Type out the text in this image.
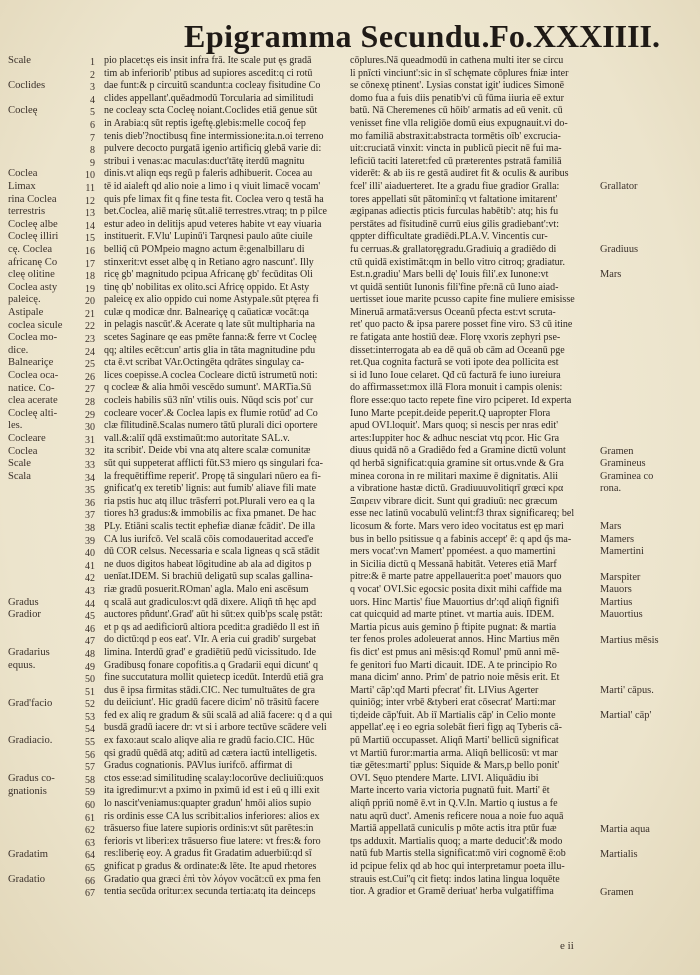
Epigramma Secundu. Fo.XXXIIII.
Scale
Coclides
Cocleę
Coclea
Limax
rina Coclea
terrestris
Cocleę albe
Cocleę illiri
cę. Coclea
africanę Co
cleę olitine
Coclea asty
paleicę.
Astipale
coclea sicule
Coclea mo-
dice.
Balneariçe
Coclea oca-
natice. Co-
clea acerate
Cocleę alti-
les.
Cocleare
Coclea
Scale
Scala
Gradus
Gradior
Gradarius
equus.
Grad'facio
Gradiacio.
Gradus co-
gnationis
Gradatim
Gradatio
1
2
3
4
5
6
7
8
9
10
11
12
13
14
15
16
17
18
19
20
21
22
23
24
25
26
27
28
29
30
31
32
33
34
35
36
37
38
39
40
41
42
43
44
45
46
47
48
49
50
51
52
53
54
55
56
57
58
59
60
61
62
63
64
65
66
67
pio placet:ęs eis insit infra frā. Ite scale put ęs gradā
tim ab inferiorib' ptibus ad supiores ascedit:q ci rotū
dae funt:& p circuitū scandunt:a cocleay fisitudine Co
clides appellant'.quēadmodū Torcularia ad similitudi
ne cocleay scta Cocleę noiant.Coclides etiā genue sūt
in Arabia:q sūt reptis igeftę.glebis:melle cocoq̃ fep
tenis dieb'?noctibusq fine intermissione:ita.n.oi terreno
pulvere decocto purgatā igenio artificiq glebā varie di:
stribui i venas:ac maculas:duct'tātę iterdū magnitu
dinis.vt aliqn eqs regū p faleris adhibuerit. Cocea au
tē id aialeft qd alio noie a limo i q viuit limacē vocam'
quis pfe limax fit q fine testa fit. Coclea vero q testā ha
bet.Coclea, aliē marię sūt.aliē terrestres.vtraq; tn p pilce
estur adeo in delitijs apud veteres habite vt eay viuaria
instituerit. F.Vlu' Lupinū'i Tarqnesi paulo aūte ciuile
belliq̃ cū POMpeio magno actum ē:genalbillaru di
stinxerit:vt esset albę q in Retiano agro nascunt'. Illy
ricę gb' magnitudo pcipua Africanę gb' fecūditas Oli
tinę qb' nobilitas ex olito.sci Africę oppido. Et Asty
paleicę ex alio oppido cui nome Astypale.sūt ptęrea fi
culæ q modicæ dnr. Balneariçę q caūaticæ vocāt:qa
in pelagis nascūt'.& Acerate q late sūt multipharia na
scetes Saginare qe eas pmēte fanna:& ferre vt Cocleę
qq; altiles ecēt:cun' artis glia in tāta magnitudine pdu
cta ē.vt scribat VAr.Octingēta qdrātes singulaỵ ca-
lices coepisse.A coclea Cocleare dictū istrumetū noti:
q cocleæ & alia hmōi vescēdo sumunt'. MARTia.Sū
cocleis habilis sū3 nīn' vtilis ouis. Nūqd scis pot' cur
cocleare vocer'.& Coclea lapis ex flumie rotūd' ad Co
clæ fīlitudinē.Scalas numero tātū plurali dici oportere
vall.&:aliī qdā exstimaūt:mo autoritate SAL.v.
ita scribit'. Deide vbi vna atq altere scalæ comunitæ
sūt qui suppeterat afflicti fūt.S3 miero qs singulari fca-
la frequētiffime reperit'. Propę tā singulari nūero ea fi-
gnificat'q ex teretib' lignis: aut fumib' aliave fili mate
ria pstis huc atq illuc trāsferri pot.Plurali vero ea q la
tiores h3 gradus:& immobilis ac fixa pmanet. De hac
PLy. Etiāni scalis tectit ephefiæ dianæ fcādit'. De illa
CA lus iurifcō. Vel scalā cōis comodaueritad acced'e
dū COR celsus. Necessaria e scala ligneas q scā stādit
ne duos digitos habeat lōgitudine ab ala ad digitos p
uenīat.IDEM. Si brachiū deligatū sup scalas gallina-
riæ gradū posuerit.ROman' agla. Malo eni ascēsum
q scalā aut gradiculos:vt qdā dixere. Aliqñ tñ hęc apd
auctores pñdunt'.Grad' aūt hi sūt:ex quib'ps scalę pstāt:
et p qs ad aedificiorū altiora pcedit:a gradiēdo ll est iñ
do dictū:qd p eos eat'. VIr. A eria cui gradib' surgebat
limina. Interdū grad' e gradiētiū pedū vicissitudo. Ide
Gradibusq fonare copofitis.a q Gradarii equi dicunt' q
fine succutatura mollit quietecp icedūt. Interdū etiā gra
dus ē ipsa firmitas stādi.CIC. Nec tumultuātes de gra
du deiiciunt'. Hic gradū facere dicim' nō trāsitū facere
fed ex aliq re gradum & sūi scalā ad aliā facere: q d a qui
busdā gradū iacere dr: vt si i arbore tectūve scādere veli
ex faxo:aut scalo aliqve alia re gradū facio.CIC. Hūc
qsi gradū quēdā atq; aditū ad cætera iactū intelligetis.
Gradus cognationis. PAVlus iurifcō. affirmat di
ctos esse:ad similitudinę scalay:locorūve decliuiū:quos
ita igredimur:vt a pximo in pximū id est i eū q illi exit
lo nascit'veniamus:quapter gradun' hmōi alios supio
ris ordinis esse CA lus scribit:alios inferiores: alios ex
trāsuerso fiue latere supioris ordinis:vt sūt parētes:in
ferioris vt liberi:ex trāsuerso fiue latere: vt fres:& foro
res:liberię eoy. A gradus fit Gradatim aduerbiū:qd sī
gnificat p gradus & ordinate:& lēte. Ite apud rhetores
Gradatio qua græci ἐπὶ τὸν λόγον vocāt:cū ex pma fen
tentia secūda oritur:ex secunda tertia:atq ita deinceps
cōplures.Nā queadmodū in cathena multi iter se circu
li pnīcti vinciunt':sic in sī schęmate cōplures fniæ inter
se cōnexę ptinent'. Lysias constat igit' iudices Simonē
domo fua a fuis diis penatib'vi cū fūma iiuria eē extur
batū. Nā Cheremenes cū hōib' armatis ad eū venit. cū
venisset fine vlla religiōe domū eius expugnauit.vi do-
mo familiā abstraxit:abstracta tormētis oīb' excrucia-
uit:cruciatā vinxit: vincta in publicū piecit nē fui ma-
leficiū taciti lateret:fed cū præterentes pstratā familiā
viderēt: & ab iis re gestā audiret fit & oculis & auribus
fcel' illi' aiaduerteret. Ite a gradu fiue gradior Gralla:
tores appellati sūt pātominī:q vt faltatione imitarent'
ægipanas adiectis pticis furculas habētib': atq; his fu
perstātes ad fīsitudinē currū eius gilis gradiebant':vt:
qppter difficultate gradiēdi.PLA.V. Vincentis cur-
fu cerruas.& grallatoręgradu.Gradiuiq a gradiēdo di
ctū quidā existimāt:qm in bello vitro citroq; gradiatur.
Est.n.gradiu' Mars belli dę' Iouis fili'.ex Iunone:vt
vt quidā sentiūt Iunonis fili'fine pr̄e:nā cū Iuno aiad-
uertisset ioue marite pcusso capite fine muliere emisisse
Mineruā armatā:versus Oceanū pfecta est:vt scruta-
ret' quo pacto & ipsa parere posset fine viro. S3 cū itine
re fatigata ante hostiū deæ. Florę vxoris zephyri pse-
disset:interrogata ab ea dē quā ob cām ad Oceanū pge
ret.Qua cognita factură se voti ipote dea pollicita est
si id Iuno Ioue celaret. Qđ cū facturā fe iuno iureiura
do affirmasset:mox illā Flora monuit i campis olenis:
flore esse:quo tacto repete fine viro pciperet. Id experta
Iuno Marte pcepit.deide peperit.Q uapropter Flora
apud OVI.loquit'. Mars quoq; si nescis per nras edit'
artes:Iuppiter hoc & adhuc nesciat vtq pcor. Hic Gra
diuus quidā nō a Gradiēdo fed a Gramine dictū volunt
qd herbā significat:quia gramine sit ortus.vnde & Gra
minea corona in re militari maxime ē dignitatis. Alii
a vibratione hastæ dictū. Gradiuuuvolitiqrī grœci κρα
Ξαιρειν vibrare dicit. Sunt qui gradiuū: nec græcum
esse nec latinū vocabulū velint:f3 thrax significareq; bel
licosum & forte. Mars vero ideo vocitatus est ęp mari
bus in bello psitissue q a fabinis accept' ē: q apd q̃s ma-
mers vocat':vn Mamert' ppoméest. a quo mamertini
in Sicilia dictū q Messanā habitāt. Veteres etiā Marf
pitre:& ē marte patre appellauerit:a poet' mauors quo
q vocat' OVI.Sic egocsic posita dixit mihi caffide ma
uors. Hinc Martis' fiue Mauortius dr':qđ aliqñ fignifi
cat quicquid ad marte ptinet. vt martia auis. IDEM.
Martia picus auis gemino p̃ ftipite pugnat: & martia
ter fenos proles adoleuerat annos. Hinc Martius mēn
fis dict' est pmus ani mēsis:qđ Romul' pmū anni mē-
fe genitori fuo Marti dicauit. IDE. A te principio Ro
mana dicim' anno. Prim' de patrio noie mēsis erit. Et
Marti' cāp':qđ Marti pfecrat' fit. LIVius Agerter
quiniōg; inter vrbē &tyberi erat cōsecrat' Marti:mar
ti;deide cāp'fuit. Ab iī Martialis cāp' in Celio monte
appellat'.eę i eo egria solebāt fieri figņ aq Tyberis cā-
pū Martiū occupasset. Aliqñ Marti' bellicū significat
vt Martiū furor:martia arma. Aliqñ bellicosū: vt mar
tiæ gētes:marti' pplus: Siquide & Mars,p bello ponit'
OVI. Sęuo ptendere Marte. LIVI. Aliquādiu ibi
Marte incerto varia victoria pugnatū fuit. Marti' ēt
aliqñ ppriū nomē ē.vt in Q.V.In. Martio q iustus a fe
natu aqrū duct'. Amenis reficere noua a noie fuo aquā
Martiā appellatā cuniculis p mōte actis itra ptūr fuæ
tps adduxit. Martialis quoq; a marte deducit':& modo
natū fub Martis stella significat:mō viri cognomē ē:ob
id pcipue felix qd ab hoc qui interpretamur poeta illu-
strauis est.Cui''q cit fietq: indos latina lingua loquēte
tior. A gradior et Gramē deriuat' herba vulgatiffima
Grallator
Gradiuus
Mars
Gramen
Gramineus
Graminea co
rona.
Mars
Mamers
Mamertini
Marspiter
Mauors
Martius
Mauortius
Martius mēsis
Marti' cāpus.
Martial' cāp'
Martia aqua
Martialis
Gramen
e ii
